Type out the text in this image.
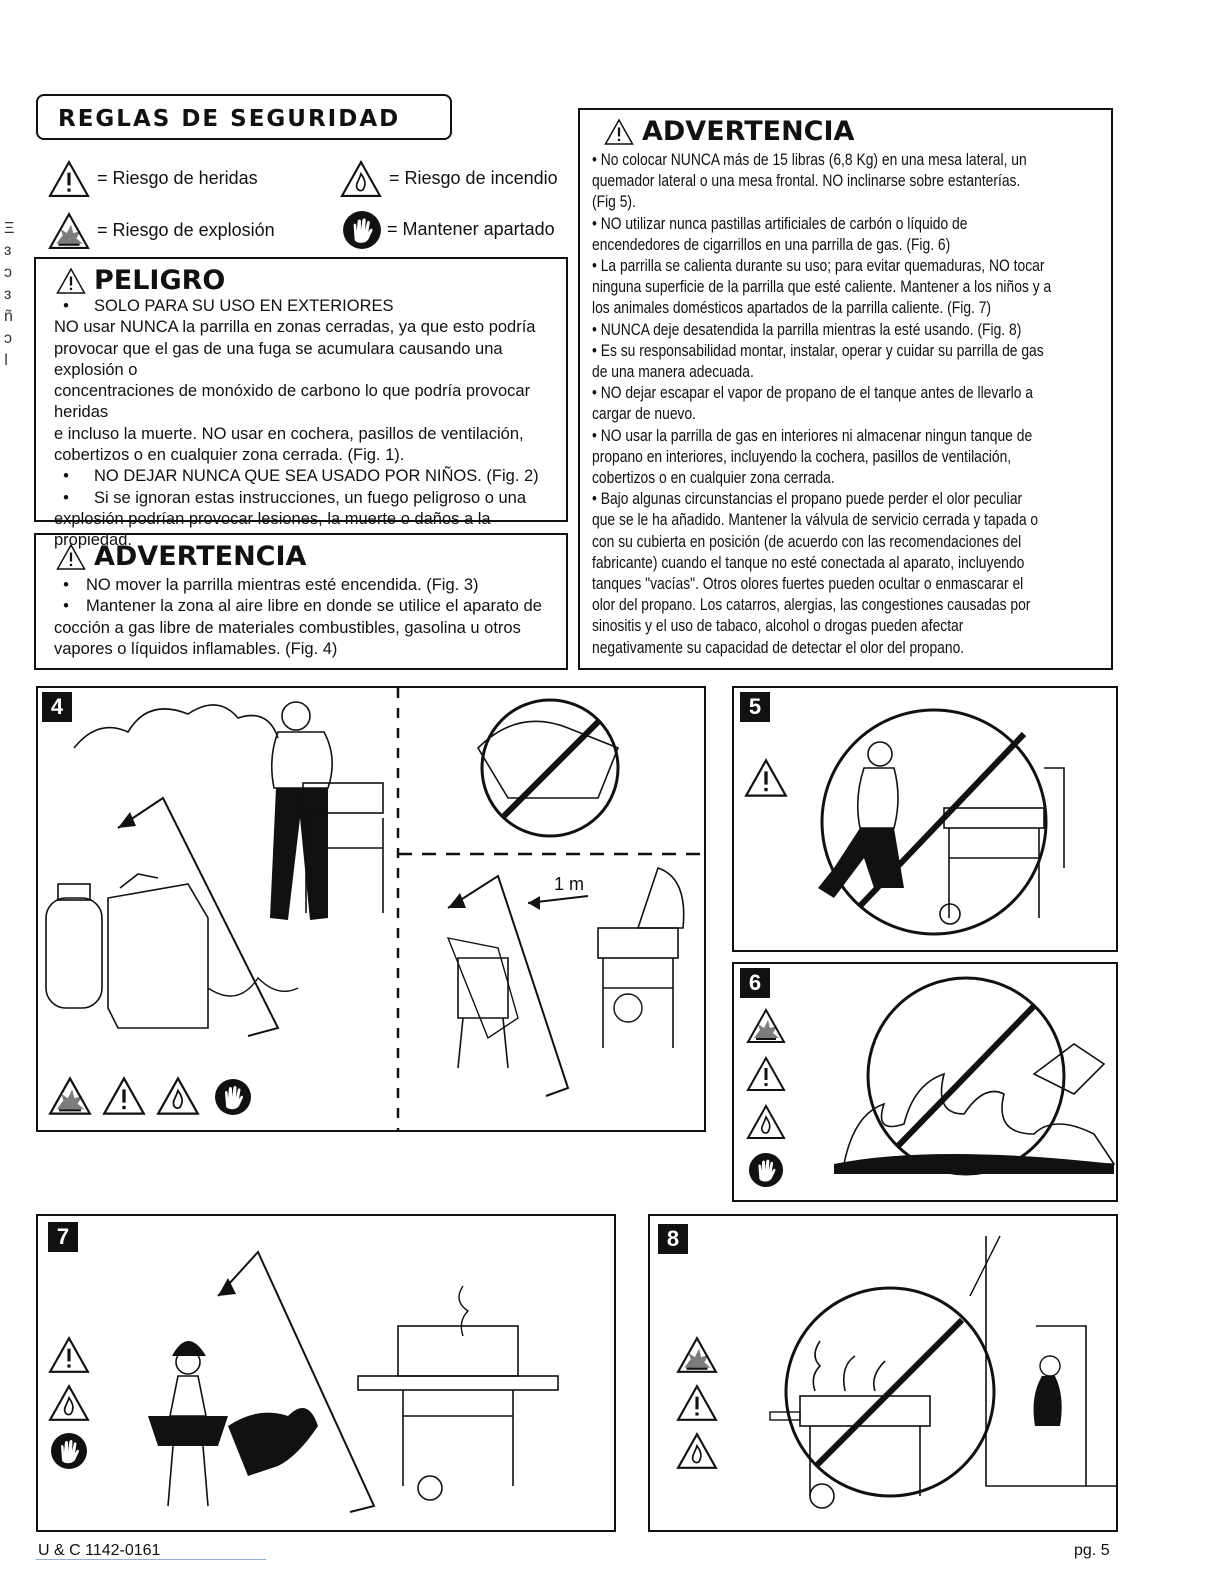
REGLAS DE SEGURIDAD
= Riesgo de heridas	= Riesgo de incendio
= Riesgo de explosión	= Mantener apartado
Ξ
ɜ
ↄ
ɜ
ñ
ɔ
ǀ
PELIGRO
• SOLO PARA SU USO EN EXTERIORES
NO usar NUNCA la parrilla en zonas cerradas, ya que esto podría
provocar que el gas de una fuga se acumulara causando una explosión o
concentraciones de monóxido de carbono lo que podría provocar heridas
e incluso la muerte. NO usar en cochera, pasillos de ventilación,
cobertizos o en cualquier zona cerrada. (Fig. 1).
• NO DEJAR NUNCA QUE SEA USADO POR NIÑOS. (Fig. 2)
• Si se ignoran estas instrucciones, un fuego peligroso o una
explosión podrían provocar lesiones, la muerte o daños a la
propiedad.
ADVERTENCIA
• NO mover la parrilla mientras esté encendida. (Fig. 3)
• Mantener la zona al aire libre en donde se utilice el aparato de
cocción a gas libre de materiales combustibles, gasolina u otros
vapores o líquidos inflamables. (Fig. 4)
ADVERTENCIA
• No colocar NUNCA más de 15 libras (6,8 Kg) en una mesa lateral, un
quemador lateral o una mesa frontal. NO inclinarse sobre estanterías.
(Fig 5).
• NO utilizar nunca pastillas artificiales de carbón o líquido de
encendedores de cigarrillos en una parrilla de gas. (Fig. 6)
• La parrilla se calienta durante su uso; para evitar quemaduras, NO tocar
ninguna superficie de la parrilla que esté caliente. Mantener a los niños y a
los animales domésticos apartados de la parrilla caliente. (Fig. 7)
• NUNCA deje desatendida la parrilla mientras la esté usando. (Fig. 8)
• Es su responsabilidad montar, instalar, operar y cuidar su parrilla de gas
de una manera adecuada.
• NO dejar escapar el vapor de propano de el tanque antes de llevarlo a
cargar de nuevo.
• NO usar la parrilla de gas en interiores ni almacenar ningun tanque de
propano en interiores, incluyendo la cochera, pasillos de ventilación,
cobertizos o en cualquier zona cerrada.
• Bajo algunas circunstancias el propano puede perder el olor peculiar
que se le ha añadido. Mantener la válvula de servicio cerrada y tapada o
con su cubierta en posición (de acuerdo con las recomendaciones del
fabricante) cuando el tanque no esté conectada al aparato, incluyendo
tanques "vacías". Otros olores fuertes pueden ocultar o enmascarar el
olor del propano. Los catarros, alergias, las congestiones causadas por
sinositis y el uso de tabaco, alcohol o drogas pueden afectar
negativamente su capacidad de detectar el olor del propano.
4
1 m
5
6
7	8
U & C 1142-0161	pg. 5
